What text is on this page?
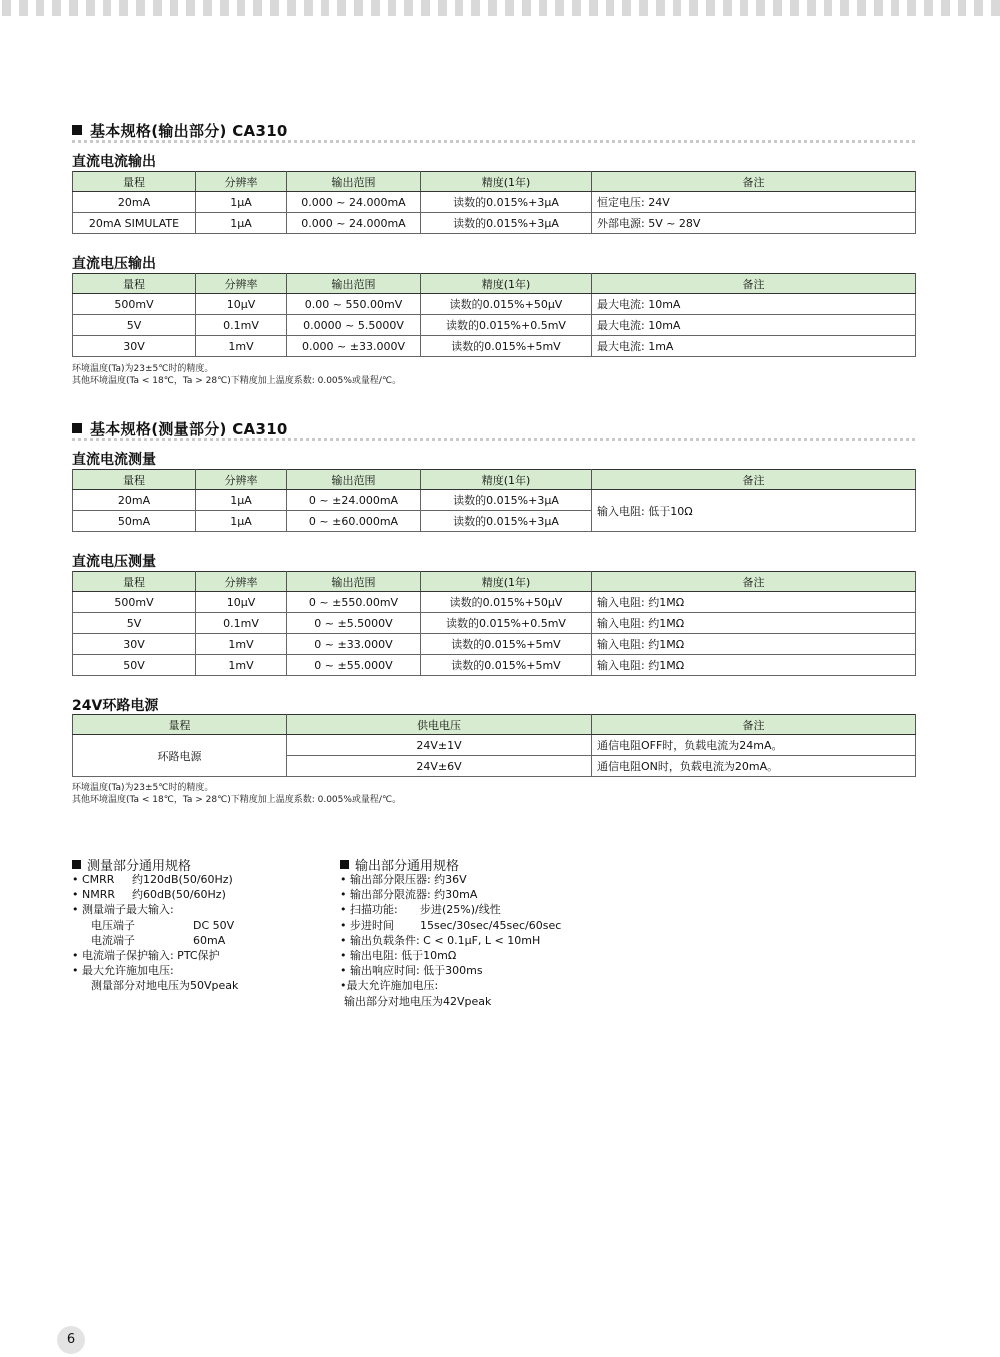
基本规格(输出部分) CA310
直流电流输出
量程	分辨率	输出范围	精度(1年)	备注
20mA	1μA	0.000 ~ 24.000mA	读数的0.015%+3μA	恒定电压: 24V
20mA SIMULATE	1μA	0.000 ~ 24.000mA	读数的0.015%+3μA	外部电源: 5V ~ 28V
直流电压输出
量程	分辨率	输出范围	精度(1年)	备注
500mV	10μV	0.00 ~ 550.00mV	读数的0.015%+50μV	最大电流: 10mA
5V	0.1mV	0.0000 ~ 5.5000V	读数的0.015%+0.5mV	最大电流: 10mA
30V	1mV	0.000 ~ ±33.000V	读数的0.015%+5mV	最大电流: 1mA
环境温度(Ta)为23±5℃时的精度。
其他环境温度(Ta < 18℃，Ta > 28℃)下精度加上温度系数: 0.005%或量程/℃。
基本规格(测量部分) CA310
直流电流测量
量程	分辨率	输出范围	精度(1年)	备注
20mA	1μA	0 ~ ±24.000mA	读数的0.015%+3μA	输入电阻: 低于10Ω
50mA	1μA	0 ~ ±60.000mA	读数的0.015%+3μA	
直流电压测量
量程	分辨率	输出范围	精度(1年)	备注
500mV	10μV	0 ~ ±550.00mV	读数的0.015%+50μV	输入电阻: 约1MΩ
5V	0.1mV	0 ~ ±5.5000V	读数的0.015%+0.5mV	输入电阻: 约1MΩ
30V	1mV	0 ~ ±33.000V	读数的0.015%+5mV	输入电阻: 约1MΩ
50V	1mV	0 ~ ±55.000V	读数的0.015%+5mV	输入电阻: 约1MΩ
24V环路电源
量程	供电电压	备注
环路电源	24V±1V	通信电阻OFF时，负载电流为24mA。
	24V±6V	通信电阻ON时，负载电流为20mA。
环境温度(Ta)为23±5℃时的精度。
其他环境温度(Ta < 18℃，Ta > 28℃)下精度加上温度系数: 0.005%或量程/℃。
测量部分通用规格
• CMRR 约120dB(50/60Hz)
• NMRR 约60dB(50/60Hz)
• 测量端子最大输入:
电压端子	DC 50V
电流端子	60mA
• 电流端子保护输入: PTC保护
• 最大允许施加电压:
测量部分对地电压为50Vpeak
输出部分通用规格
• 输出部分限压器: 约36V
• 输出部分限流器: 约30mA
• 扫描功能: 步进(25%)/线性
• 步进时间 15sec/30sec/45sec/60sec
• 输出负载条件: C < 0.1μF, L < 10mH
• 输出电阻: 低于10mΩ
• 输出响应时间: 低于300ms
•最大允许施加电压:
输出部分对地电压为42Vpeak
6
